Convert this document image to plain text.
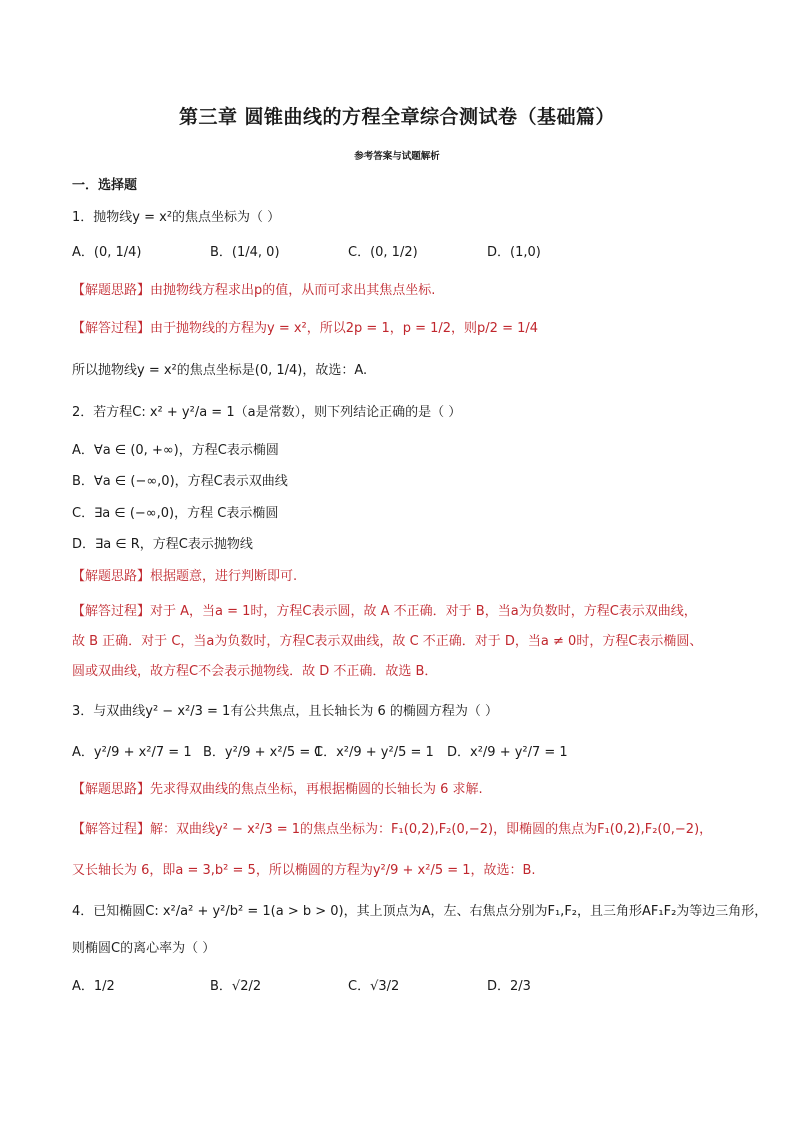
第三章 圆锥曲线的方程全章综合测试卷（基础篇）
参考答案与试题解析
一．选择题
1．抛物线y = x²的焦点坐标为（ ）
A．(0, 1/4)	B．(1/4, 0)	C．(0, 1/2)	D．(1,0)
【解题思路】由抛物线方程求出p的值，从而可求出其焦点坐标.
【解答过程】由于抛物线的方程为y = x²，所以2p = 1，p = 1/2，则p/2 = 1/4
所以抛物线y = x²的焦点坐标是(0, 1/4)，故选：A.
2．若方程C: x² + y²/a = 1（a是常数），则下列结论正确的是（ ）
A．∀a ∈ (0, +∞)，方程C表示椭圆
B．∀a ∈ (−∞,0)，方程C表示双曲线
C．∃a ∈ (−∞,0)，方程 C表示椭圆
D．∃a ∈ R，方程C表示抛物线
【解题思路】根据题意，进行判断即可.
【解答过程】对于 A，当a = 1时，方程C表示圆，故 A 不正确．对于 B，当a为负数时，方程C表示双曲线，
故 B 正确．对于 C，当a为负数时，方程C表示双曲线，故 C 不正确．对于 D，当a ≠ 0时，方程C表示椭圆、
圆或双曲线，故方程C不会表示抛物线．故 D 不正确．故选 B．
3．与双曲线y² − x²/3 = 1有公共焦点，且长轴长为 6 的椭圆方程为（ ）
A．y²/9 + x²/7 = 1 B．y²/9 + x²/5 = 1
C．x²/9 + y²/5 = 1 D．x²/9 + y²/7 = 1
【解题思路】先求得双曲线的焦点坐标，再根据椭圆的长轴长为 6 求解.
【解答过程】解：双曲线y² − x²/3 = 1的焦点坐标为：F₁(0,2),F₂(0,−2)，即椭圆的焦点为F₁(0,2),F₂(0,−2)，
又长轴长为 6，即a = 3,b² = 5，所以椭圆的方程为y²/9 + x²/5 = 1，故选：B.
4．已知椭圆C: x²/a² + y²/b² = 1(a > b > 0)，其上顶点为A，左、右焦点分别为F₁,F₂，且三角形AF₁F₂为等边三角形，
则椭圆C的离心率为（ ）
A．1/2	B．√2/2	C．√3/2	D．2/3
